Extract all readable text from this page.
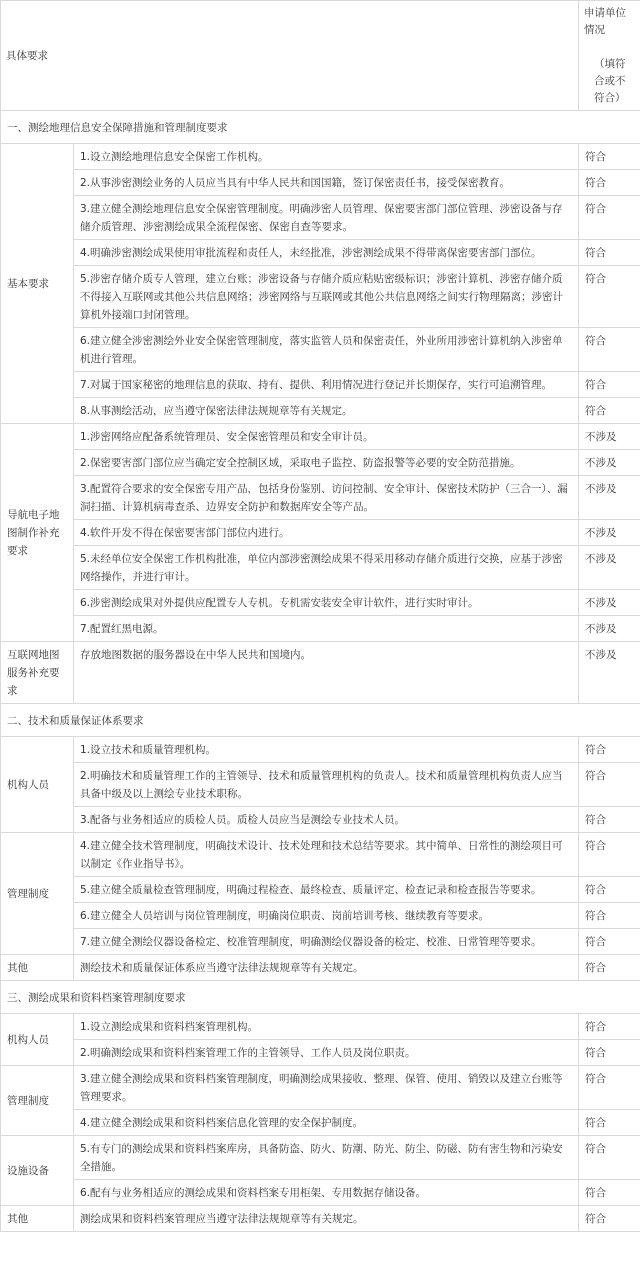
具体要求		申请单位情况
（填符合或不符合）

一、测绘地理信息安全保障措施和管理制度要求		
基本要求	1.设立测绘地理信息安全保密工作机构。	符合
	2.从事涉密测绘业务的人员应当具有中华人民共和国国籍，签订保密责任书，接受保密教育。	符合
	3.建立健全测绘地理信息安全保密管理制度。明确涉密人员管理、保密要害部门部位管理、涉密设备与存储介质管理、涉密测绘成果全流程保密、保密自查等要求。	符合
	4.明确涉密测绘成果使用审批流程和责任人，未经批准，涉密测绘成果不得带离保密要害部门部位。	符合
	5.涉密存储介质专人管理，建立台账；涉密设备与存储介质应粘贴密级标识；涉密计算机、涉密存储介质不得接入互联网或其他公共信息网络；涉密网络与互联网或其他公共信息网络之间实行物理隔离；涉密计算机外接端口封闭管理。	符合
	6.建立健全涉密测绘外业安全保密管理制度，落实监管人员和保密责任，外业所用涉密计算机纳入涉密单机进行管理。	符合
	7.对属于国家秘密的地理信息的获取、持有、提供、利用情况进行登记并长期保存，实行可追溯管理。	符合
	8.从事测绘活动，应当遵守保密法律法规规章等有关规定。	符合
导航电子地图制作补充要求	1.涉密网络应配备系统管理员、安全保密管理员和安全审计员。	不涉及
	2.保密要害部门部位应当确定安全控制区域，采取电子监控、防盗报警等必要的安全防范措施。	不涉及
	3.配置符合要求的安全保密专用产品，包括身份鉴别、访问控制、安全审计、保密技术防护（三合一）、漏洞扫描、计算机病毒查杀、边界安全防护和数据库安全等产品。	不涉及
	4.软件开发不得在保密要害部门部位内进行。	不涉及
	5.未经单位安全保密工作机构批准，单位内部涉密测绘成果不得采用移动存储介质进行交换，应基于涉密网络操作，并进行审计。	不涉及
	6.涉密测绘成果对外提供应配置专人专机。专机需安装安全审计软件，进行实时审计。	不涉及
	7.配置红黑电源。	不涉及
互联网地图服务补充要求	存放地图数据的服务器设在中华人民共和国境内。	不涉及
二、技术和质量保证体系要求		
机构人员	1.设立技术和质量管理机构。	符合
	2.明确技术和质量管理工作的主管领导、技术和质量管理机构的负责人。技术和质量管理机构负责人应当具备中级及以上测绘专业技术职称。	符合
	3.配备与业务相适应的质检人员。质检人员应当是测绘专业技术人员。	符合
管理制度	4.建立健全技术管理制度，明确技术设计、技术处理和技术总结等要求。其中简单、日常性的测绘项目可以制定《作业指导书》。	符合
	5.建立健全质量检查管理制度，明确过程检查、最终检查、质量评定、检查记录和检查报告等要求。	符合
	6.建立健全人员培训与岗位管理制度，明确岗位职责、岗前培训考核、继续教育等要求。	符合
	7.建立健全测绘仪器设备检定、校准管理制度，明确测绘仪器设备的检定、校准、日常管理等要求。	符合
其他	测绘技术和质量保证体系应当遵守法律法规规章等有关规定。	符合
三、测绘成果和资料档案管理制度要求		
机构人员	1.设立测绘成果和资料档案管理机构。	符合
	2.明确测绘成果和资料档案管理工作的主管领导、工作人员及岗位职责。	符合
管理制度	3.建立健全测绘成果和资料档案管理制度，明确测绘成果接收、整理、保管、使用、销毁以及建立台账等管理要求。	符合
	4.建立健全测绘成果和资料档案信息化管理的安全保护制度。	符合
设施设备	5.有专门的测绘成果和资料档案库房，具备防盗、防火、防潮、防光、防尘、防磁、防有害生物和污染安全措施。	符合
	6.配有与业务相适应的测绘成果和资料档案专用柜架、专用数据存储设备。	符合
其他	测绘成果和资料档案管理应当遵守法律法规规章等有关规定。	符合
